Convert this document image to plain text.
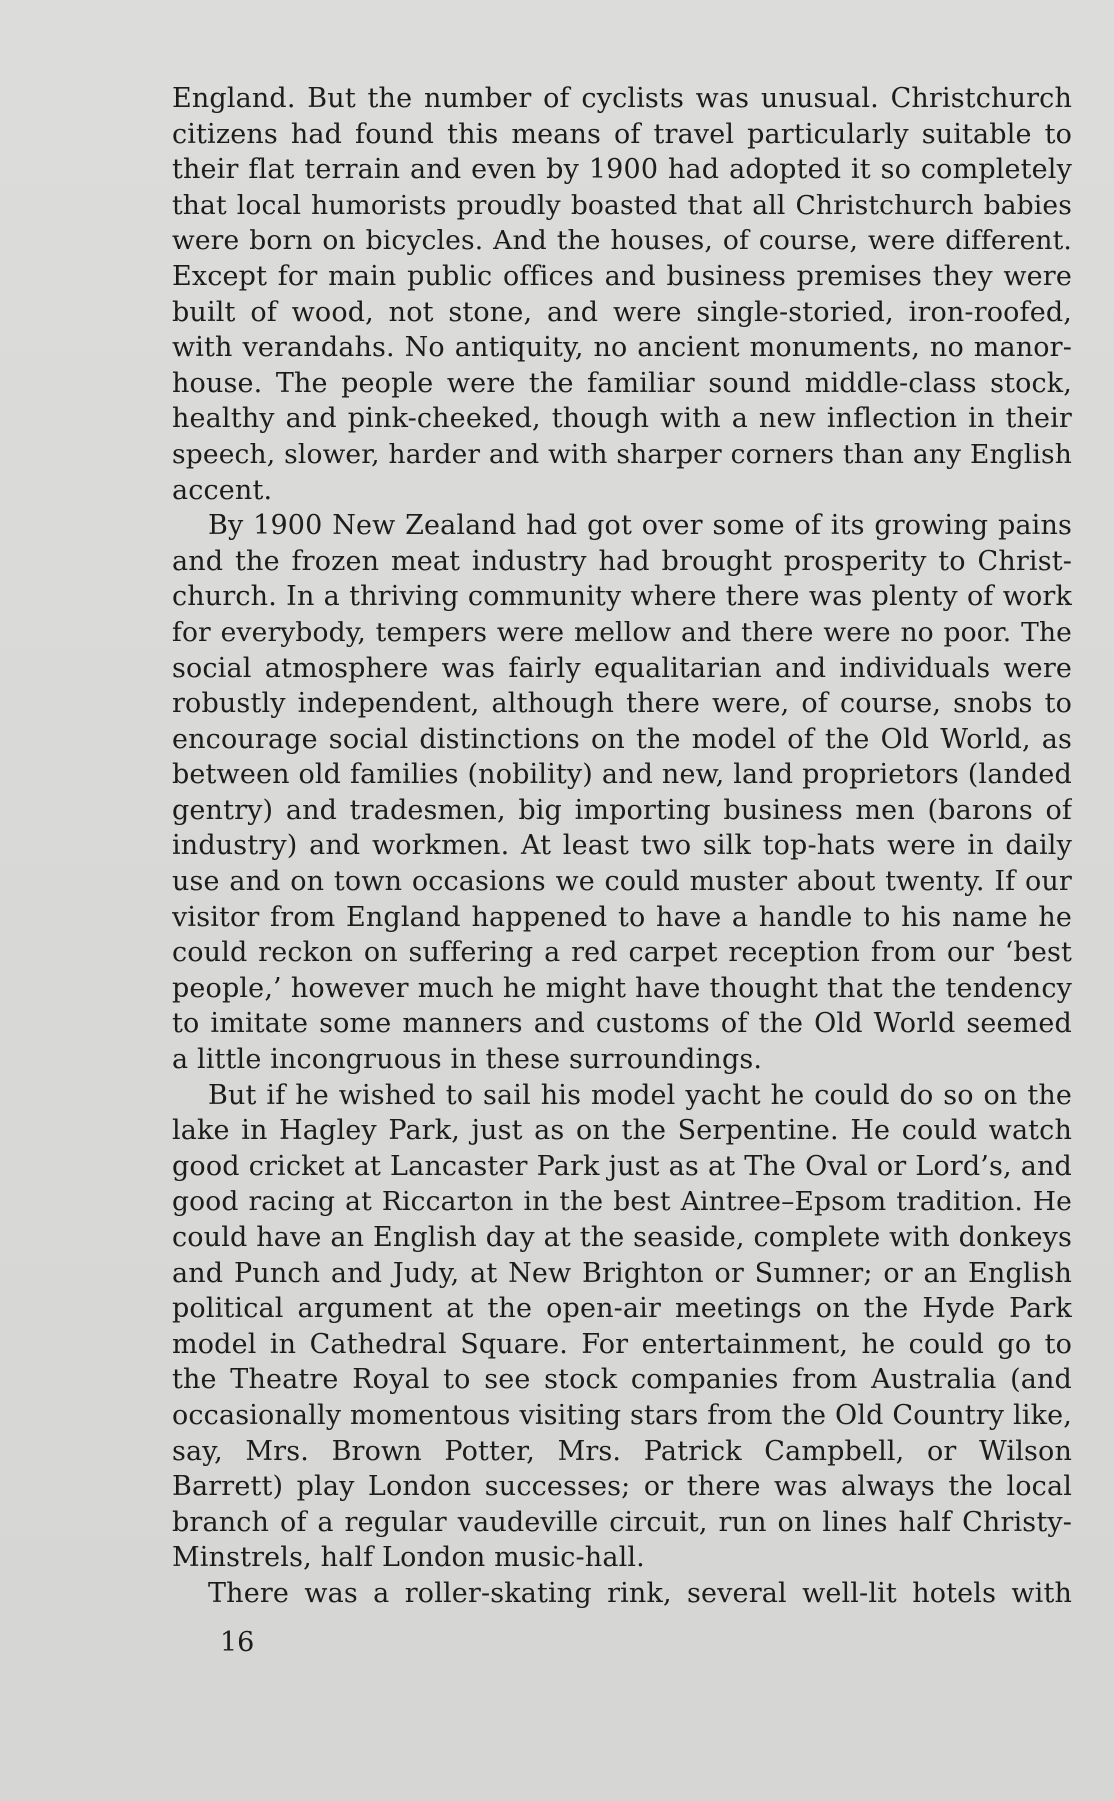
England. But the number of cyclists was unusual. Christchurch
citizens had found this means of travel particularly suitable to
their flat terrain and even by 1900 had adopted it so completely
that local humorists proudly boasted that all Christchurch babies
were born on bicycles. And the houses, of course, were different.
Except for main public offices and business premises they were
built of wood, not stone, and were single-storied, iron-roofed,
with verandahs. No antiquity, no ancient monuments, no manor-
house. The people were the familiar sound middle-class stock,
healthy and pink-cheeked, though with a new inflection in their
speech, slower, harder and with sharper corners than any English
accent.
By 1900 New Zealand had got over some of its growing pains
and the frozen meat industry had brought prosperity to Christ-
church. In a thriving community where there was plenty of work
for everybody, tempers were mellow and there were no poor. The
social atmosphere was fairly equalitarian and individuals were
robustly independent, although there were, of course, snobs to
encourage social distinctions on the model of the Old World, as
between old families (nobility) and new, land proprietors (landed
gentry) and tradesmen, big importing business men (barons of
industry) and workmen. At least two silk top-hats were in daily
use and on town occasions we could muster about twenty. If our
visitor from England happened to have a handle to his name he
could reckon on suffering a red carpet reception from our ‘best
people,’ however much he might have thought that the tendency
to imitate some manners and customs of the Old World seemed
a little incongruous in these surroundings.
But if he wished to sail his model yacht he could do so on the
lake in Hagley Park, just as on the Serpentine. He could watch
good cricket at Lancaster Park just as at The Oval or Lord’s, and
good racing at Riccarton in the best Aintree–Epsom tradition. He
could have an English day at the seaside, complete with donkeys
and Punch and Judy, at New Brighton or Sumner; or an English
political argument at the open-air meetings on the Hyde Park
model in Cathedral Square. For entertainment, he could go to
the Theatre Royal to see stock companies from Australia (and
occasionally momentous visiting stars from the Old Country like,
say, Mrs. Brown Potter, Mrs. Patrick Campbell, or Wilson
Barrett) play London successes; or there was always the local
branch of a regular vaudeville circuit, run on lines half Christy-
Minstrels, half London music-hall.
There was a roller-skating rink, several well-lit hotels with
16
